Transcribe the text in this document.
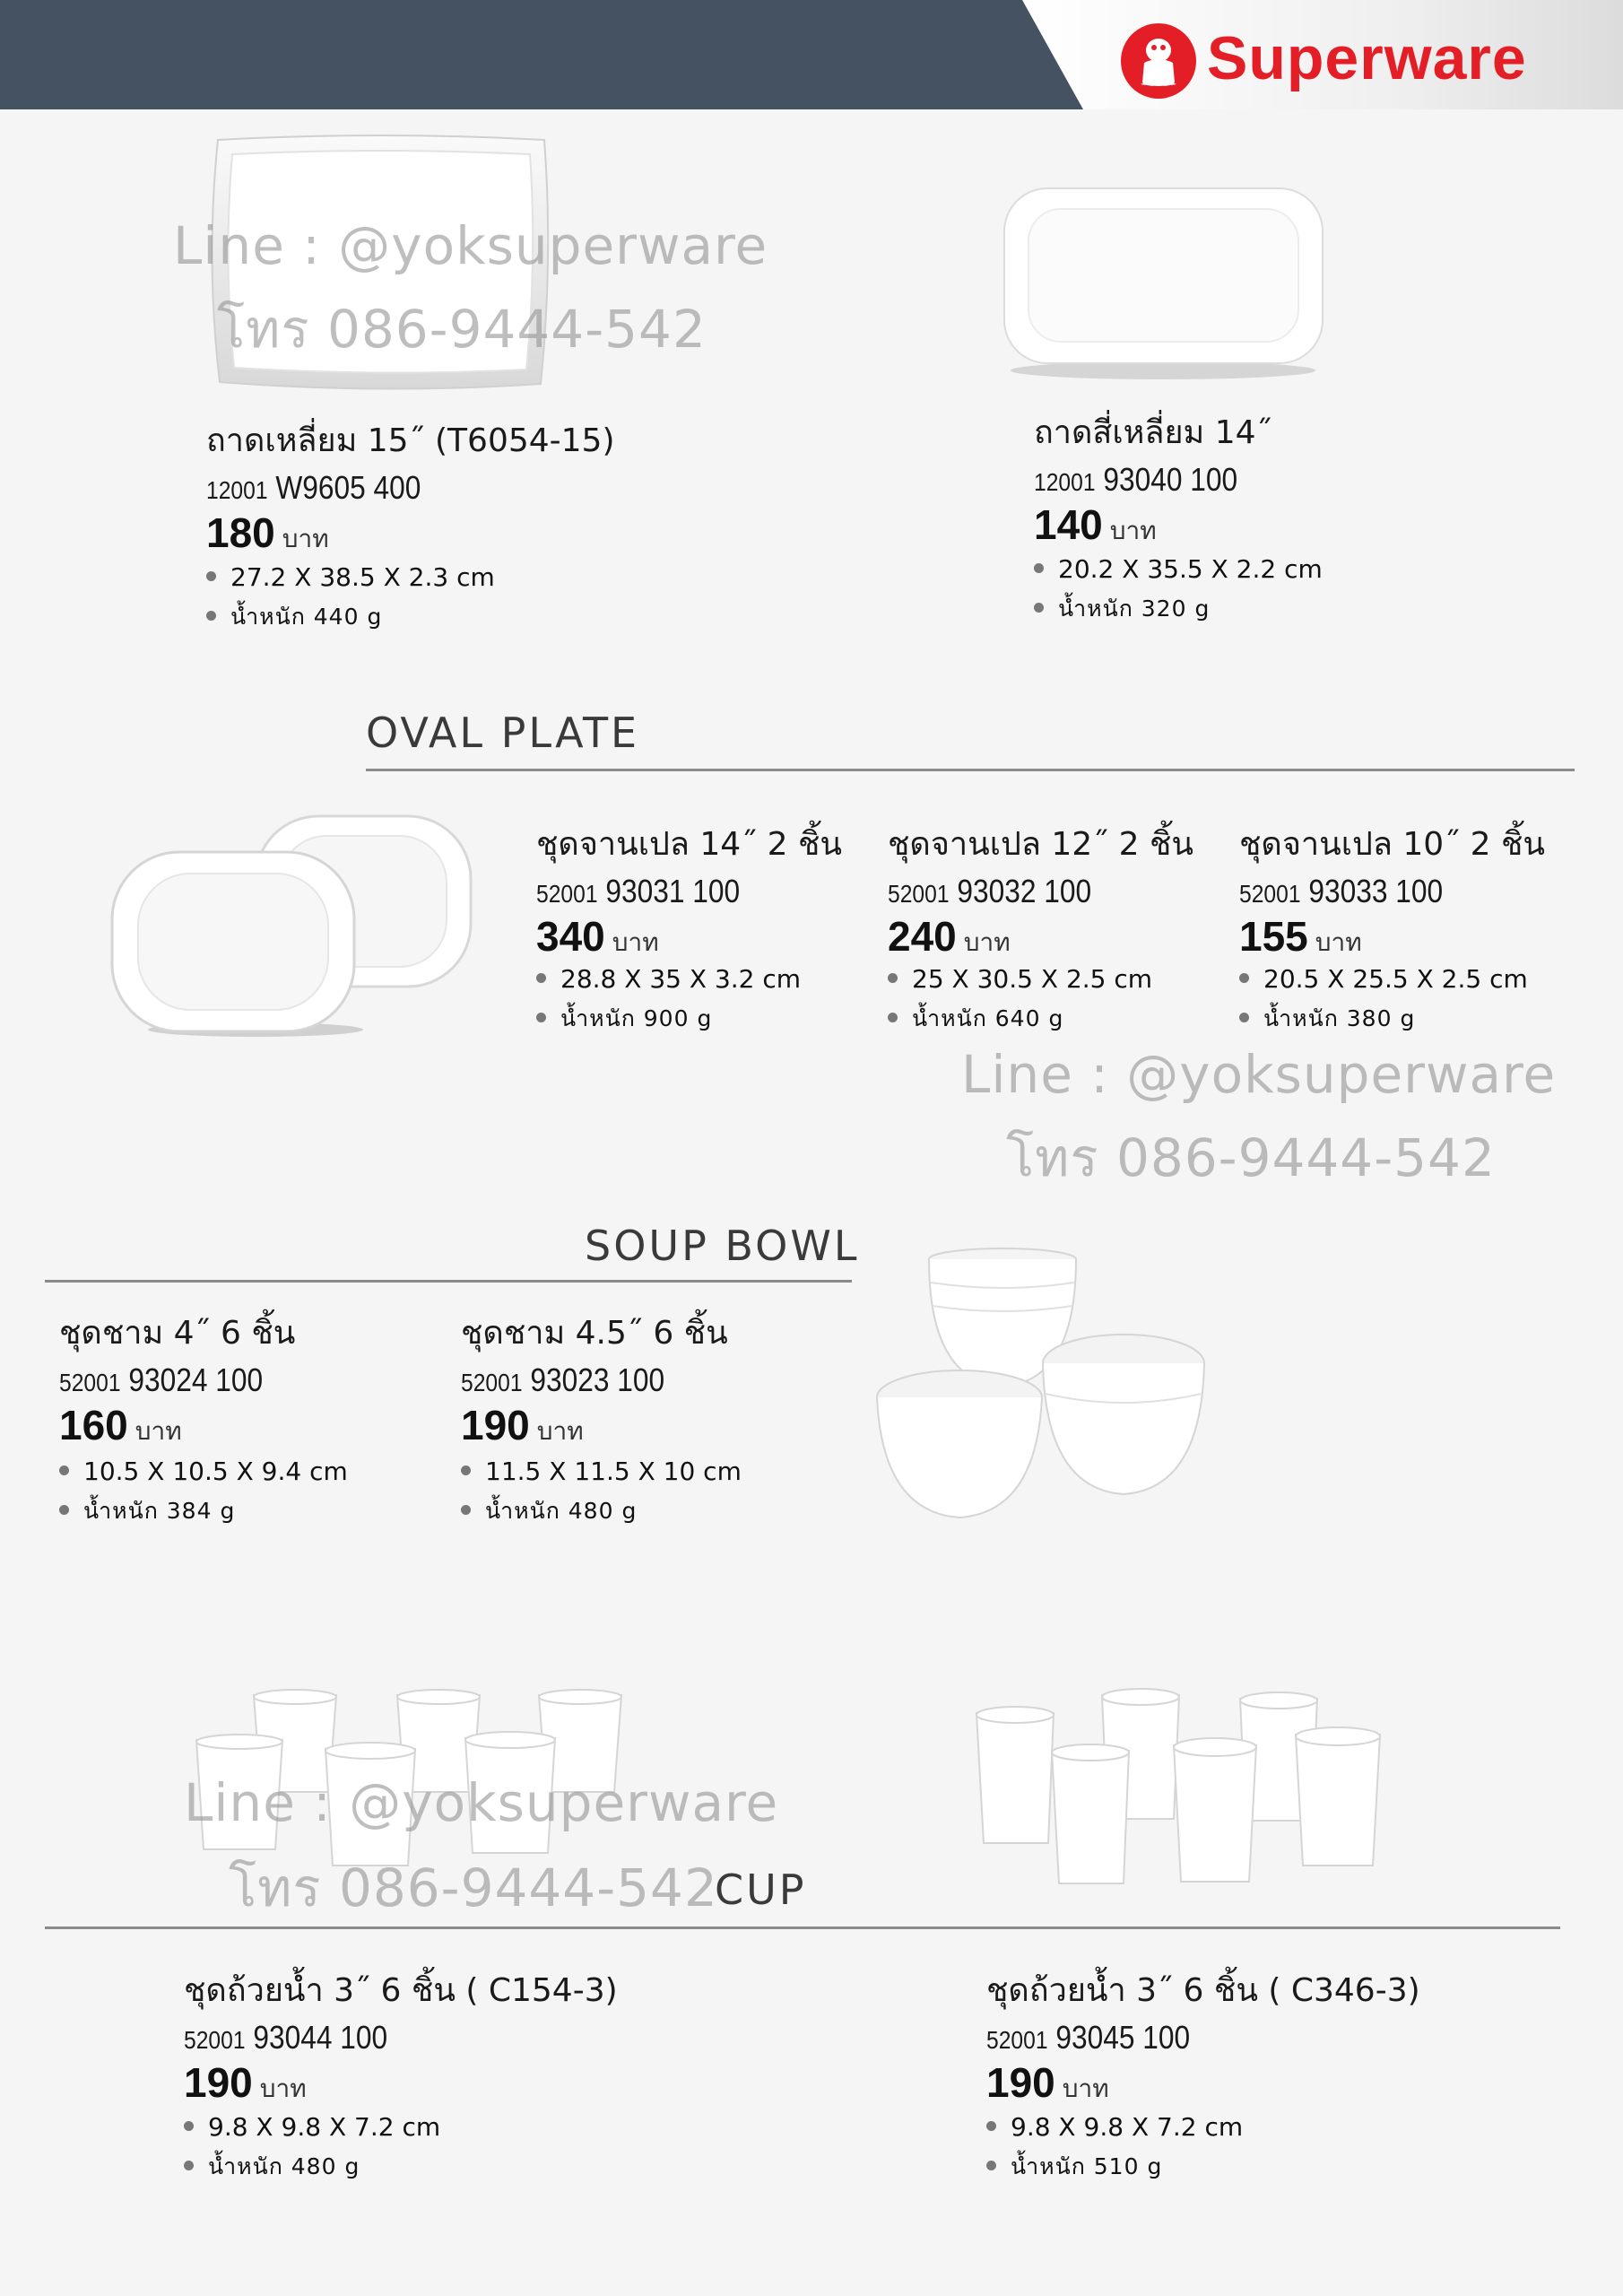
Superware
Line : @yoksuperware
โทร 086-9444-542
Line : @yoksuperware
โทร 086-9444-542
Line : @yoksuperware
โทร 086-9444-542
OVAL PLATE
SOUP BOWL
CUP
ถาดเหลี่ยม 15˝ (T6054-15)
12001 W9605 400
180 บาท
27.2 X 38.5 X 2.3 cm
น้ำหนัก 440 g
ถาดสี่เหลี่ยม 14˝
12001 93040 100
140 บาท
20.2 X 35.5 X 2.2 cm
น้ำหนัก 320 g
ชุดจานเปล 14˝ 2 ชิ้น
52001 93031 100
340 บาท
28.8 X 35 X 3.2 cm
น้ำหนัก 900 g
ชุดจานเปล 12˝ 2 ชิ้น
52001 93032 100
240 บาท
25 X 30.5 X 2.5 cm
น้ำหนัก 640 g
ชุดจานเปล 10˝ 2 ชิ้น
52001 93033 100
155 บาท
20.5 X 25.5 X 2.5 cm
น้ำหนัก 380 g
ชุดชาม 4˝ 6 ชิ้น
52001 93024 100
160 บาท
10.5 X 10.5 X 9.4 cm
น้ำหนัก 384 g
ชุดชาม 4.5˝ 6 ชิ้น
52001 93023 100
190 บาท
11.5 X 11.5 X 10 cm
น้ำหนัก 480 g
ชุดถ้วยน้ำ 3˝ 6 ชิ้น ( C154-3)
52001 93044 100
190 บาท
9.8 X 9.8 X 7.2 cm
น้ำหนัก 480 g
ชุดถ้วยน้ำ 3˝ 6 ชิ้น ( C346-3)
52001 93045 100
190 บาท
9.8 X 9.8 X 7.2 cm
น้ำหนัก 510 g
